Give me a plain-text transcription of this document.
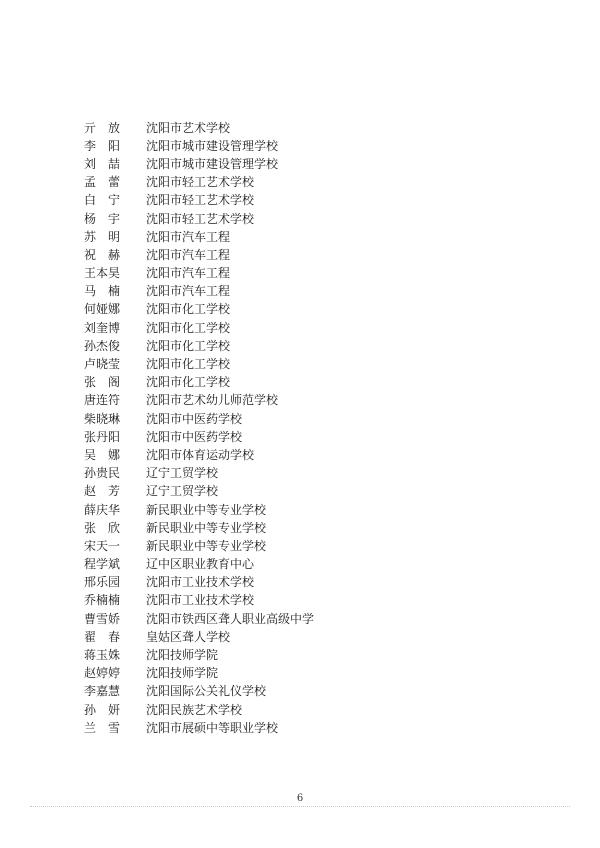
亓放 沈阳市艺术学校
李阳 沈阳市城市建设管理学校
刘喆 沈阳市城市建设管理学校
孟蕾 沈阳市轻工艺术学校
白宁 沈阳市轻工艺术学校
杨宇 沈阳市轻工艺术学校
苏明 沈阳市汽车工程
祝赫 沈阳市汽车工程
王本昊 沈阳市汽车工程
马楠 沈阳市汽车工程
何娅娜 沈阳市化工学校
刘奎博 沈阳市化工学校
孙杰俊 沈阳市化工学校
卢晓莹 沈阳市化工学校
张阁 沈阳市化工学校
唐连符 沈阳市艺术幼儿师范学校
柴晓琳 沈阳市中医药学校
张丹阳 沈阳市中医药学校
吴娜 沈阳市体育运动学校
孙贵民 辽宁工贸学校
赵芳 辽宁工贸学校
薛庆华 新民职业中等专业学校
张欣 新民职业中等专业学校
宋天一 新民职业中等专业学校
程学斌 辽中区职业教育中心
邢乐园 沈阳市工业技术学校
乔楠楠 沈阳市工业技术学校
曹雪娇 沈阳市铁西区聋人职业高级中学
翟春 皇姑区聋人学校
蒋玉姝 沈阳技师学院
赵婷婷 沈阳技师学院
李嘉慧 沈阳国际公关礼仪学校
孙妍 沈阳民族艺术学校
兰雪 沈阳市展硕中等职业学校
6
